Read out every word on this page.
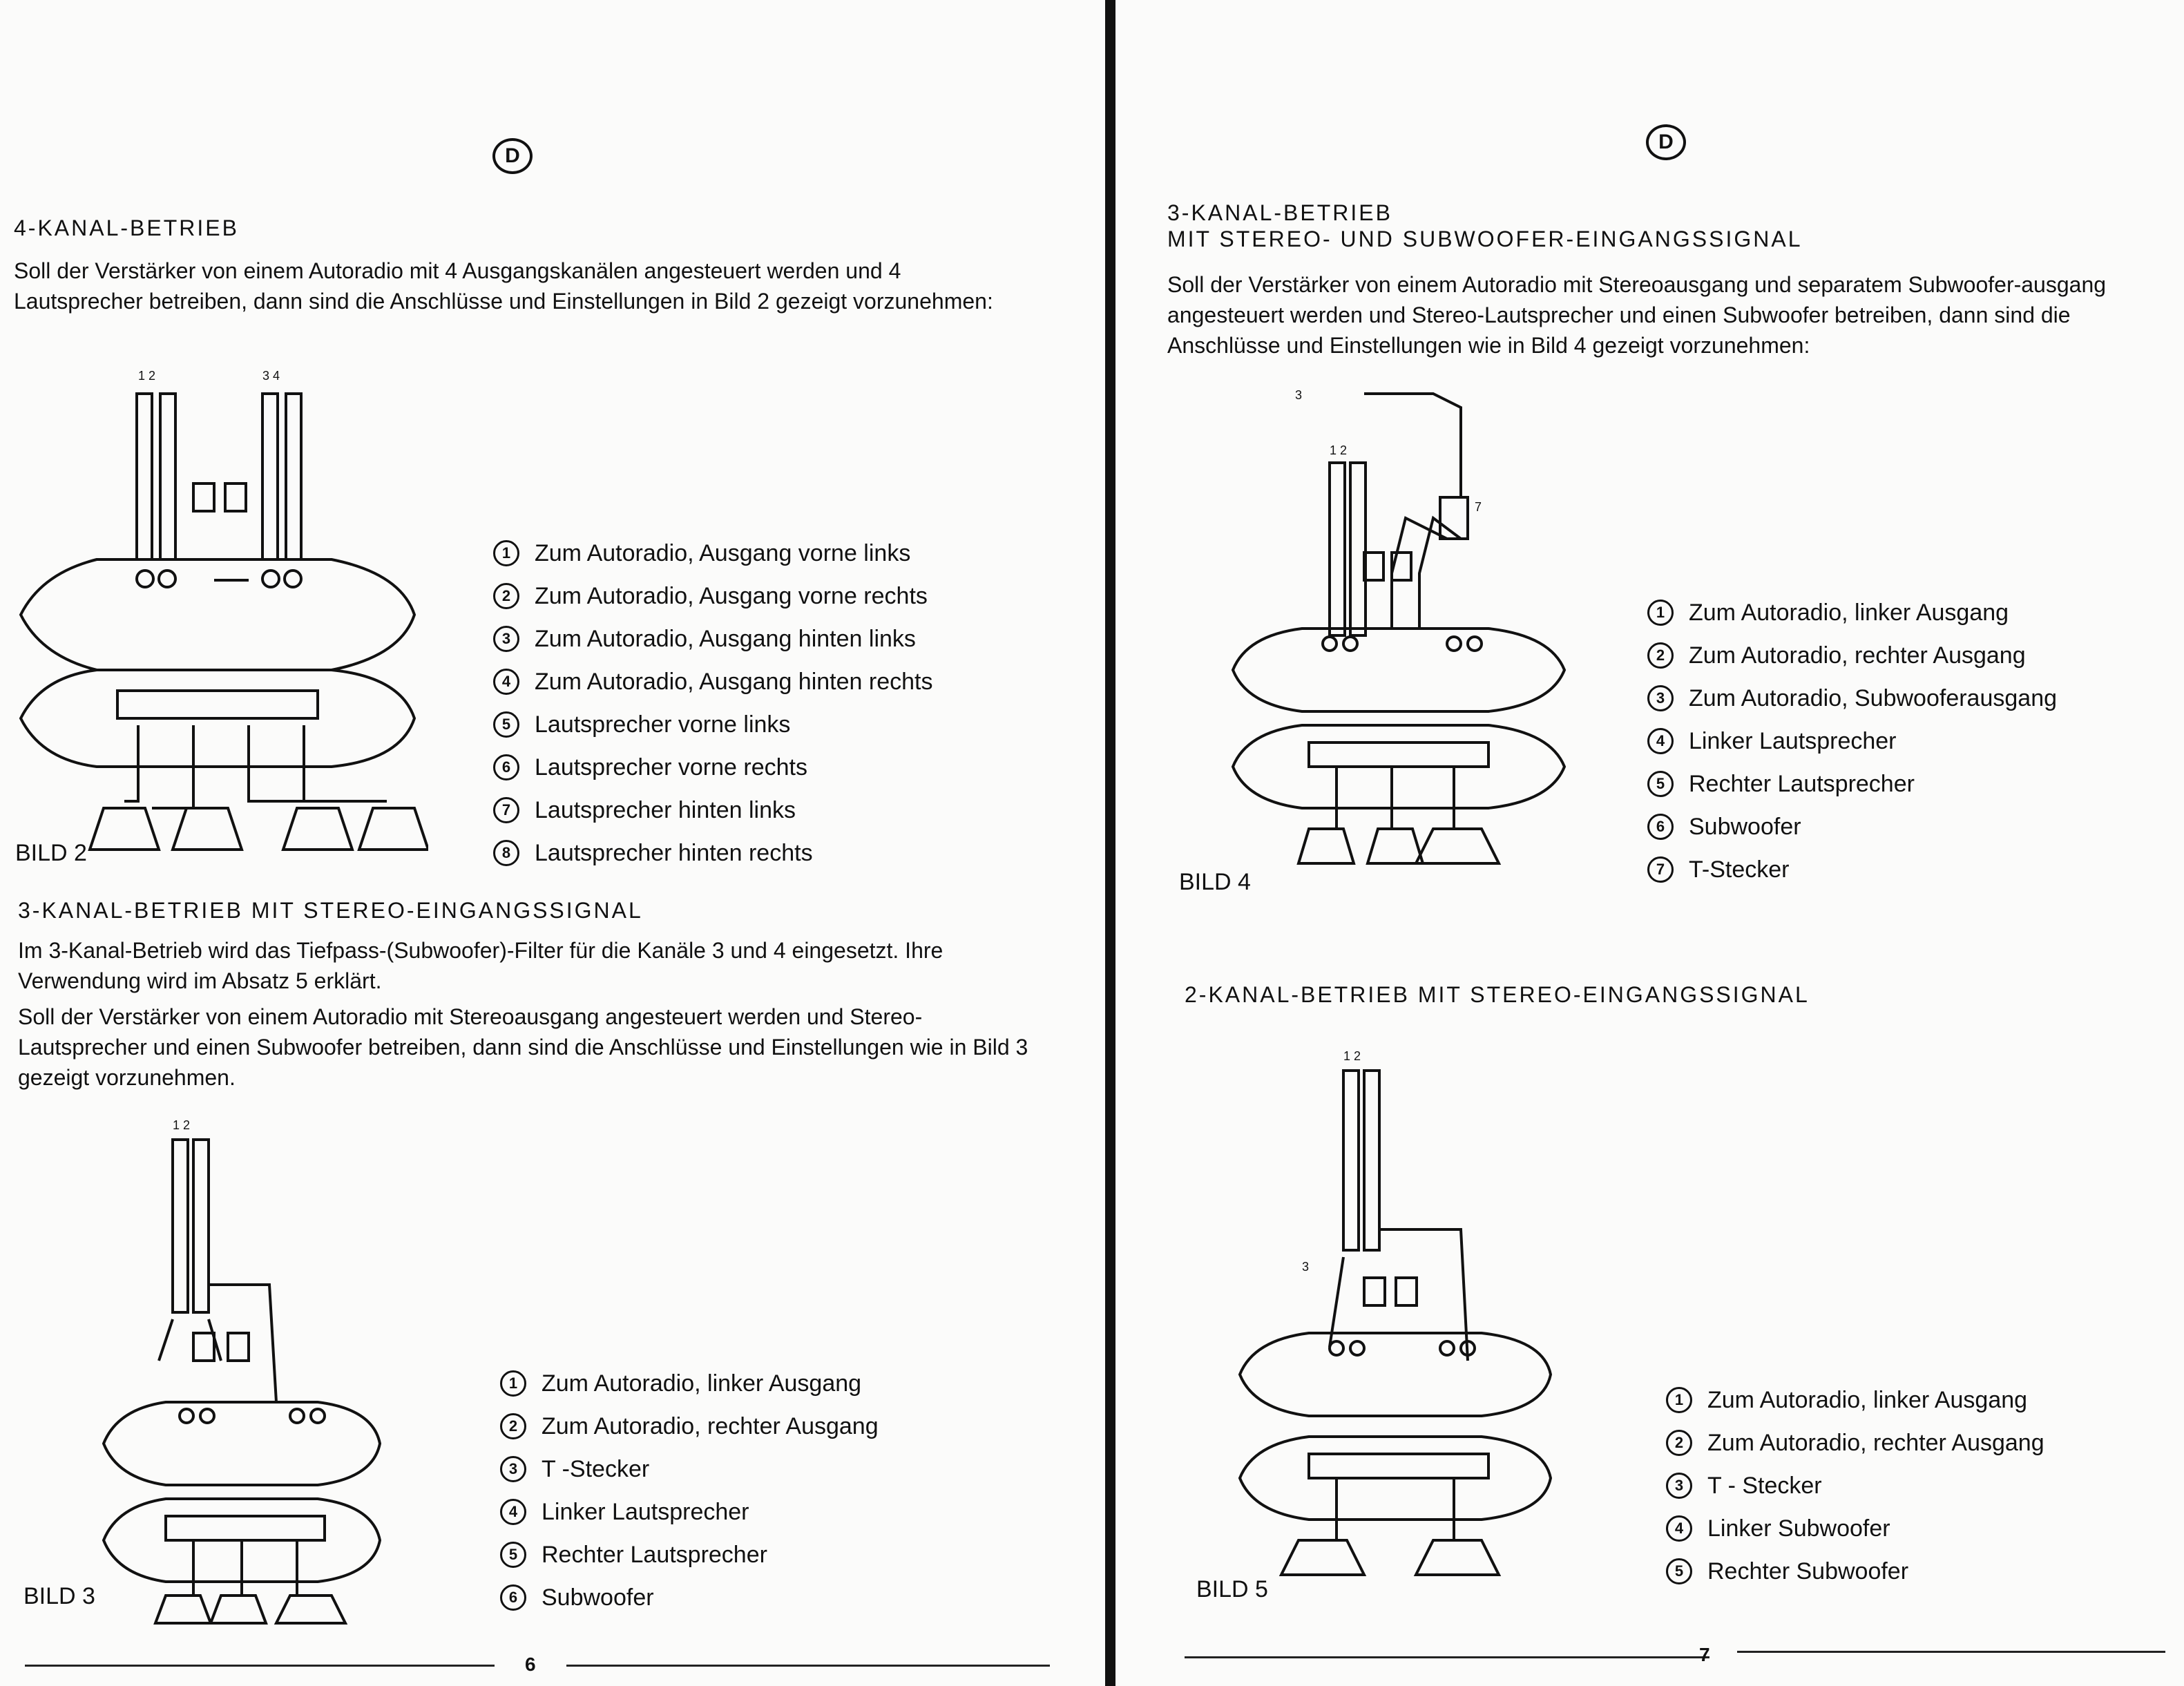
D
4-KANAL-BETRIEB

Soll der Verstärker von einem Autoradio mit 4 Ausgangskanälen angesteuert werden und 4 Lautsprecher betreiben, dann sind die Anschlüsse und Einstellungen in Bild 2 gezeigt vorzunehmen:

1 2	3 4
BILD 2
1	Zum Autoradio, Ausgang vorne links
2	Zum Autoradio, Ausgang vorne rechts
3	Zum Autoradio, Ausgang hinten links
4	Zum Autoradio, Ausgang hinten rechts
5	Lautsprecher vorne links
6	Lautsprecher vorne rechts
7	Lautsprecher hinten links
8	Lautsprecher hinten rechts
3-KANAL-BETRIEB MIT STEREO-EINGANGSSIGNAL

Im 3-Kanal-Betrieb wird das Tiefpass-(Subwoofer)-Filter für die Kanäle 3 und 4 eingesetzt. Ihre Verwendung wird im Absatz 5 erklärt.

Soll der Verstärker von einem Autoradio mit Stereoausgang angesteuert werden und Stereo-Lautsprecher und einen Subwoofer betreiben, dann sind die Anschlüsse und Einstellungen wie in Bild 3 gezeigt vorzunehmen.

1 2
BILD 3
1	Zum Autoradio, linker Ausgang
2	Zum Autoradio, rechter Ausgang
3	T -Stecker
4	Linker Lautsprecher
5	Rechter Lautsprecher
6	Subwoofer
6
D
3-KANAL-BETRIEB
MIT STEREO- UND SUBWOOFER-EINGANGSSIGNAL

Soll der Verstärker von einem Autoradio mit Stereoausgang und separatem Subwoofer-ausgang angesteuert werden und Stereo-Lautsprecher und einen Subwoofer betreiben, dann sind die Anschlüsse und Einstellungen wie in Bild 4 gezeigt vorzunehmen:

1 2
3
7
BILD 4
1	Zum Autoradio, linker Ausgang
2	Zum Autoradio, rechter Ausgang
3	Zum Autoradio, Subwooferausgang
4	Linker Lautsprecher
5	Rechter Lautsprecher
6	Subwoofer
7	T-Stecker
2-KANAL-BETRIEB MIT STEREO-EINGANGSSIGNAL
1 2
3
BILD 5
1	Zum Autoradio, linker Ausgang
2	Zum Autoradio, rechter Ausgang
3	T - Stecker
4	Linker Subwoofer
5	Rechter Subwoofer
7
